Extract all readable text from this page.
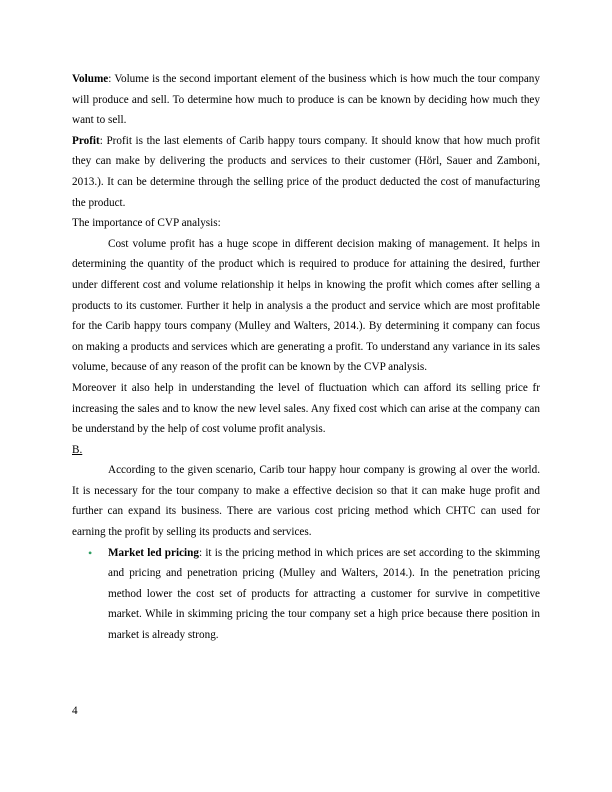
Volume: Volume is the second important element of the business which is how much the tour company will produce and sell. To determine how much to produce is can be known by deciding how much they want to sell.

Profit: Profit is the last elements of Carib happy tours company. It should know that how much profit they can make by delivering the products and services to their customer (Hörl, Sauer and Zamboni, 2013.). It can be determine through the selling price of the product deducted the cost of manufacturing the product.

The importance of CVP analysis:

Cost volume profit has a huge scope in different decision making of management. It helps in determining the quantity of the product which is required to produce for attaining the desired, further under different cost and volume relationship it helps in knowing the profit which comes after selling a products to its customer. Further it help in analysis a the product and service which are most profitable for the Carib happy tours company (Mulley and Walters, 2014.). By determining it company can focus on making a products and services which are generating a profit. To understand any variance in its sales volume, because of any reason of the profit can be known by the CVP analysis.

Moreover it also help in understanding the level of fluctuation which can afford its selling price fr increasing the sales and to know the new level sales. Any fixed cost which can arise at the company can be understand by the help of cost volume profit analysis.

B.

According to the given scenario, Carib tour happy hour company is growing al over the world. It is necessary for the tour company to make a effective decision so that it can make huge profit and further can expand its business. There are various cost pricing method which CHTC can used for earning the profit by selling its products and services.

• Market led pricing: it is the pricing method in which prices are set according to the skimming and pricing and penetration pricing (Mulley and Walters, 2014.). In the penetration pricing method lower the cost set of products for attracting a customer for survive in competitive market. While in skimming pricing the tour company set a high price because there position in market is already strong.

4
